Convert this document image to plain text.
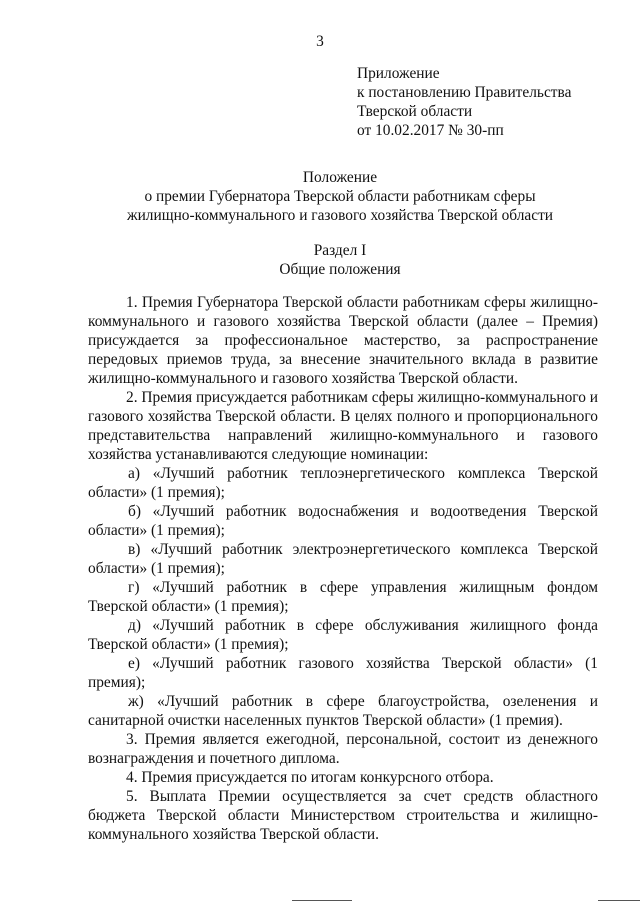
3
Приложение
к постановлению Правительства
Тверской области
от 10.02.2017 № 30-пп
Положение
о премии Губернатора Тверской области работникам сферы
жилищно-коммунального и газового хозяйства Тверской области
Раздел I
Общие положения

1. Премия Губернатора Тверской области работникам сферы жилищно-коммунального и газового хозяйства Тверской области (далее – Премия) присуждается за профессиональное мастерство, за распространение передовых приемов труда, за внесение значительного вклада в развитие жилищно-коммунального и газового хозяйства Тверской области.

2. Премия присуждается работникам сферы жилищно-коммунального и газового хозяйства Тверской области. В целях полного и пропорционального представительства направлений жилищно-коммунального и газового хозяйства устанавливаются следующие номинации:

а) «Лучший работник теплоэнергетического комплекса Тверской области» (1 премия);

б) «Лучший работник водоснабжения и водоотведения Тверской области» (1 премия);

в) «Лучший работник электроэнергетического комплекса Тверской области» (1 премия);

г) «Лучший работник в сфере управления жилищным фондом Тверской области» (1 премия);

д) «Лучший работник в сфере обслуживания жилищного фонда Тверской области» (1 премия);

е) «Лучший работник газового хозяйства Тверской области» (1 премия);

ж) «Лучший работник в сфере благоустройства, озеленения и санитарной очистки населенных пунктов Тверской области» (1 премия).

3. Премия является ежегодной, персональной, состоит из денежного вознаграждения и почетного диплома.

4. Премия присуждается по итогам конкурсного отбора.

5. Выплата Премии осуществляется за счет средств областного бюджета Тверской области Министерством строительства и жилищно-коммунального хозяйства Тверской области.
